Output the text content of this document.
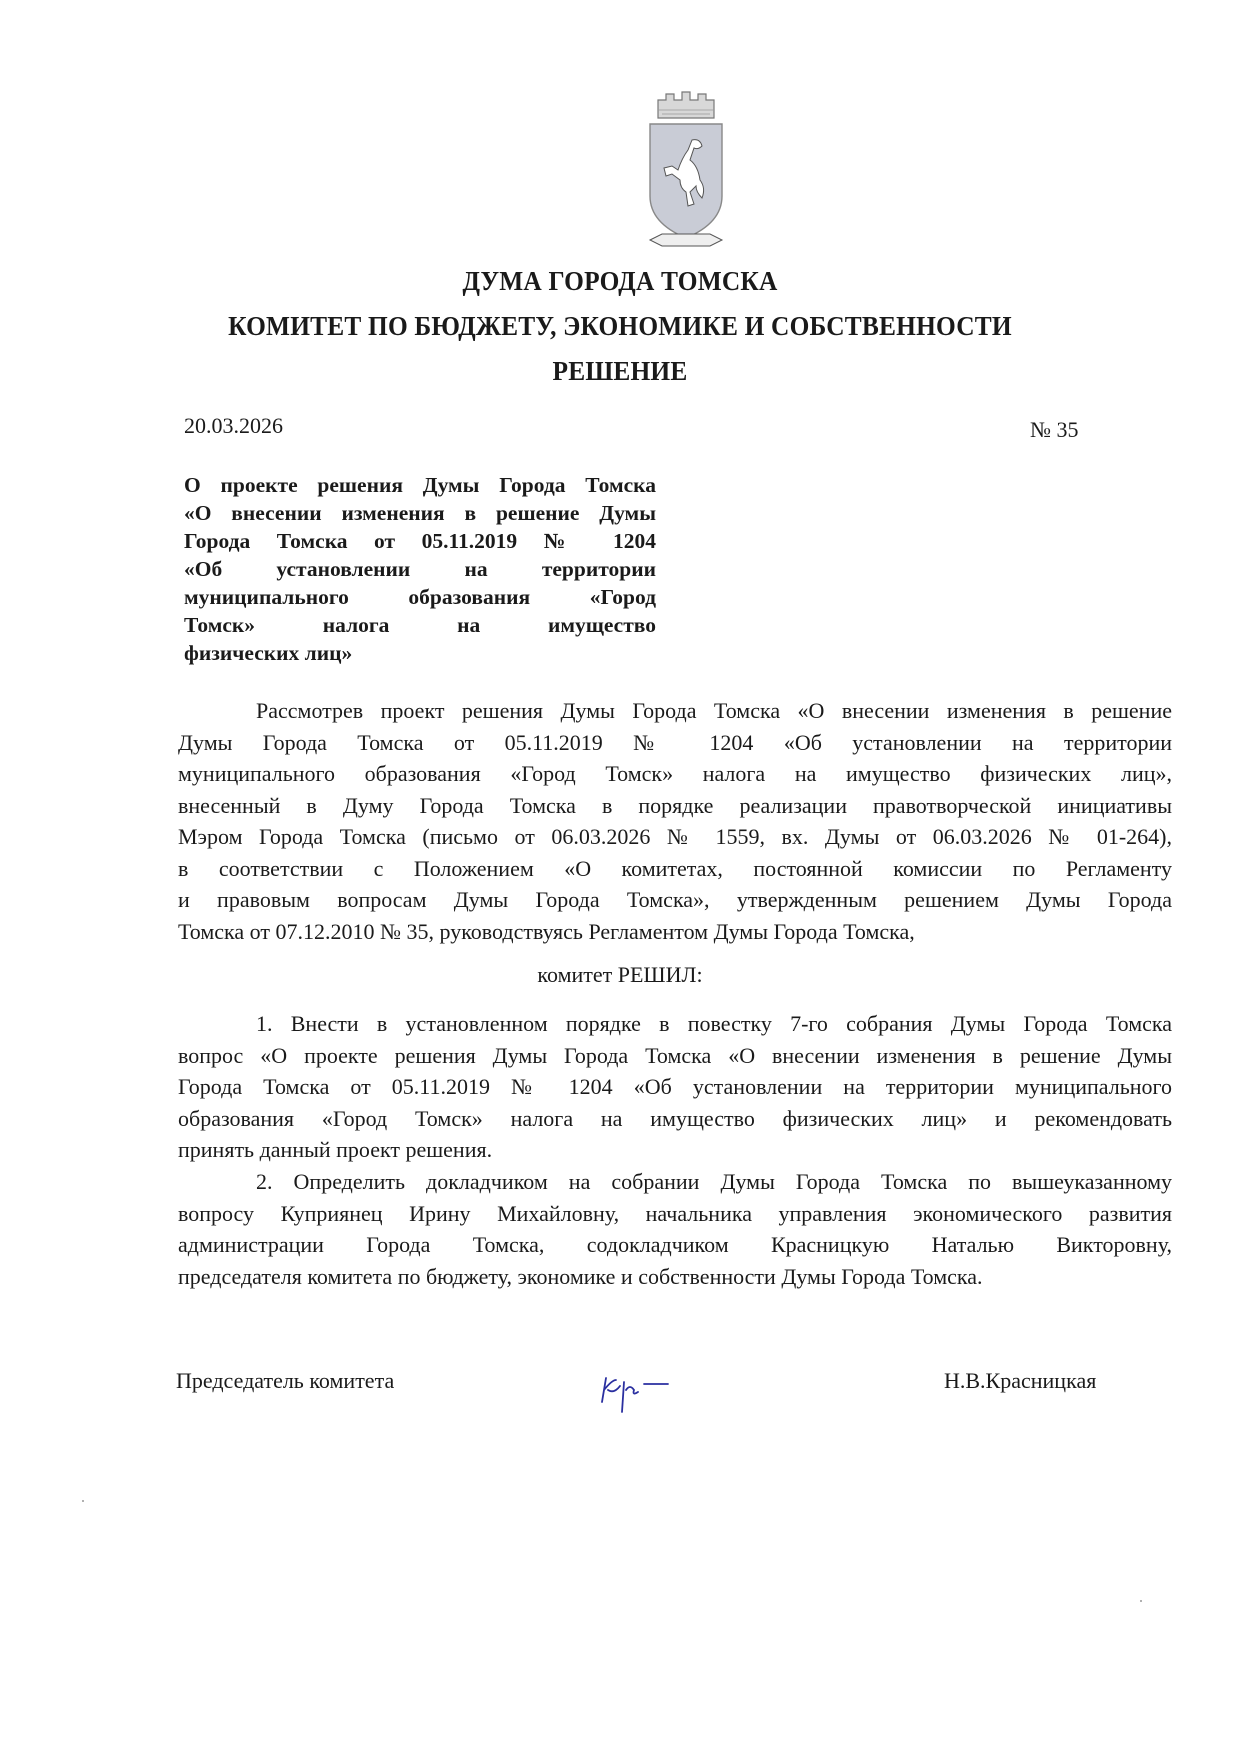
ДУМА ГОРОДА ТОМСКА
КОМИТЕТ ПО БЮДЖЕТУ, ЭКОНОМИКЕ И СОБСТВЕННОСТИ
РЕШЕНИЕ
20.03.2026	№ 35
О проекте решения Думы Города Томска
«О внесении изменения в решение Думы
Города Томска от 05.11.2019 № 1204
«Об установлении на территории
муниципального образования «Город
Томск» налога на имущество
физических лиц»
Рассмотрев проект решения Думы Города Томска «О внесении изменения в решение
Думы Города Томска от 05.11.2019 № 1204 «Об установлении на территории
муниципального образования «Город Томск» налога на имущество физических лиц»,
внесенный в Думу Города Томска в порядке реализации правотворческой инициативы
Мэром Города Томска (письмо от 06.03.2026 № 1559, вх. Думы от 06.03.2026 № 01-264),
в соответствии с Положением «О комитетах, постоянной комиссии по Регламенту
и правовым вопросам Думы Города Томска», утвержденным решением Думы Города
Томска от 07.12.2010 № 35, руководствуясь Регламентом Думы Города Томска,
комитет РЕШИЛ:
1. Внести в установленном порядке в повестку 7-го собрания Думы Города Томска
вопрос «О проекте решения Думы Города Томска «О внесении изменения в решение Думы
Города Томска от 05.11.2019 № 1204 «Об установлении на территории муниципального
образования «Город Томск» налога на имущество физических лиц» и рекомендовать
принять данный проект решения.
2. Определить докладчиком на собрании Думы Города Томска по вышеуказанному
вопросу Куприянец Ирину Михайловну, начальника управления экономического развития
администрации Города Томска, содокладчиком Красницкую Наталью Викторовну,
председателя комитета по бюджету, экономике и собственности Думы Города Томска.
Председатель комитета	Н.В.Красницкая
